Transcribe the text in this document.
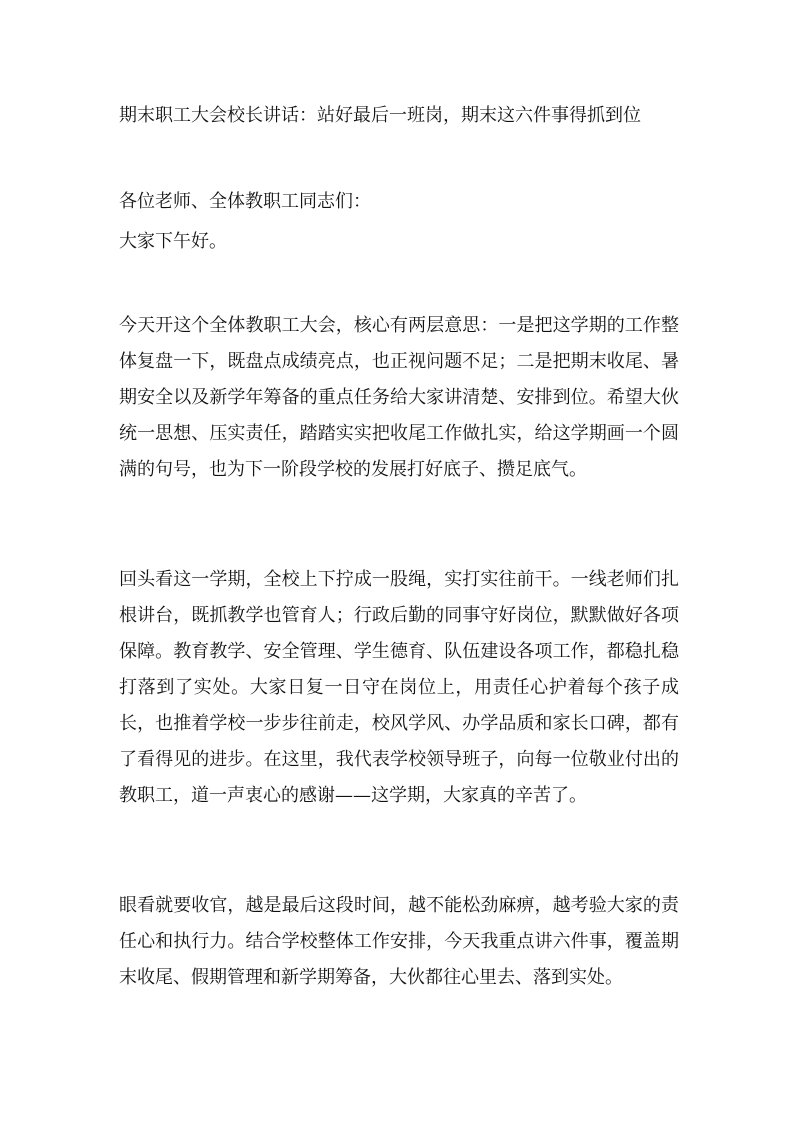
期末职工大会校长讲话：站好最后一班岗，期末这六件事得抓到位
各位老师、全体教职工同志们：
大家下午好。

今天开这个全体教职工大会，核心有两层意思：一是把这学期的工作整体复盘一下，既盘点成绩亮点，也正视问题不足；二是把期末收尾、暑期安全以及新学年筹备的重点任务给大家讲清楚、安排到位。希望大伙统一思想、压实责任，踏踏实实把收尾工作做扎实，给这学期画一个圆满的句号，也为下一阶段学校的发展打好底子、攒足底气。

回头看这一学期，全校上下拧成一股绳，实打实往前干。一线老师们扎根讲台，既抓教学也管育人；行政后勤的同事守好岗位，默默做好各项保障。教育教学、安全管理、学生德育、队伍建设各项工作，都稳扎稳打落到了实处。大家日复一日守在岗位上，用责任心护着每个孩子成长，也推着学校一步步往前走，校风学风、办学品质和家长口碑，都有了看得见的进步。在这里，我代表学校领导班子，向每一位敬业付出的教职工，道一声衷心的感谢——这学期，大家真的辛苦了。

眼看就要收官，越是最后这段时间，越不能松劲麻痹，越考验大家的责任心和执行力。结合学校整体工作安排，今天我重点讲六件事，覆盖期末收尾、假期管理和新学期筹备，大伙都往心里去、落到实处。
